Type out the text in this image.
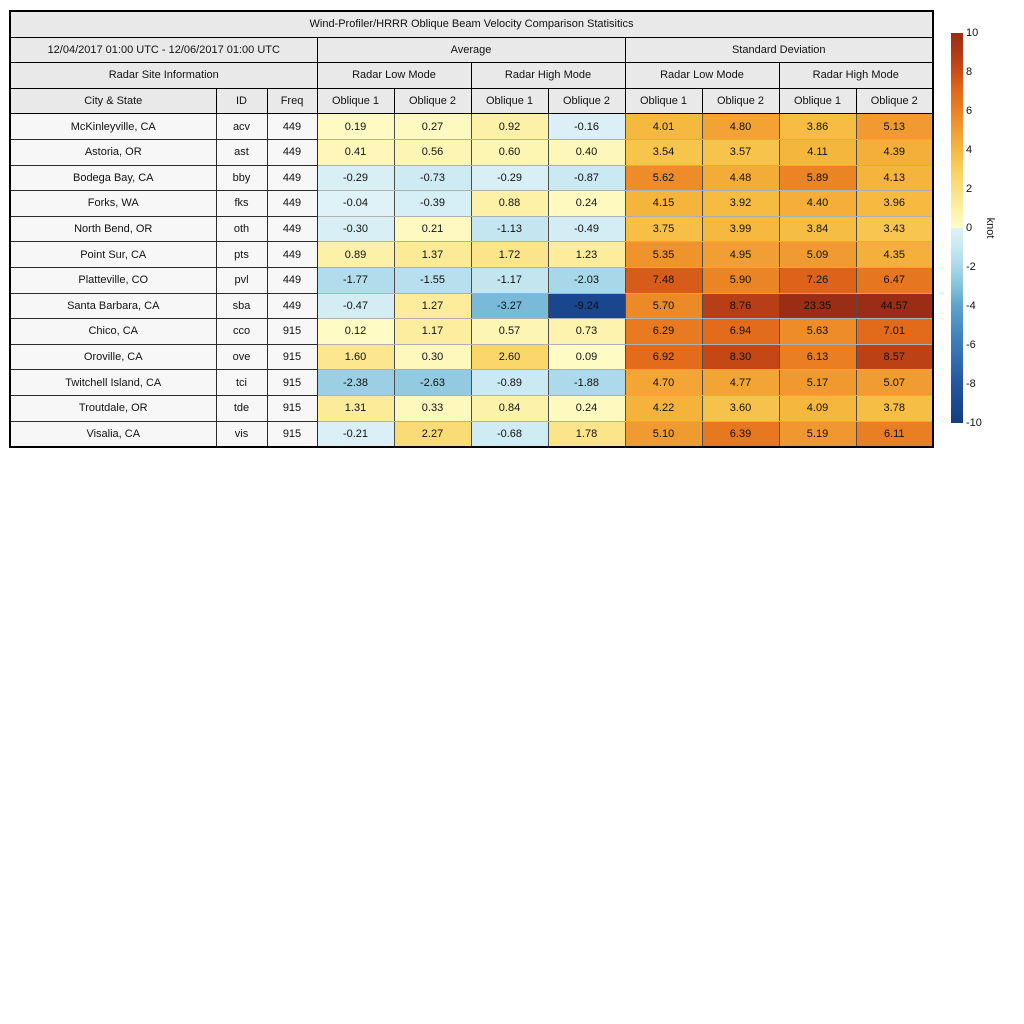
Wind-Profiler/HRRR Oblique Beam Velocity Comparison Statisitics										
12/04/2017 01:00 UTC - 12/06/2017 01:00 UTC			Average				Standard Deviation			
Radar Site Information			Radar Low Mode		Radar High Mode		Radar Low Mode		Radar High Mode	
City & State	ID	Freq	Oblique 1	Oblique 2	Oblique 1	Oblique 2	Oblique 1	Oblique 2	Oblique 1	Oblique 2
McKinleyville, CA	acv	449	0.19	0.27	0.92	-0.16	4.01	4.80	3.86	5.13
Astoria, OR	ast	449	0.41	0.56	0.60	0.40	3.54	3.57	4.11	4.39
Bodega Bay, CA	bby	449	-0.29	-0.73	-0.29	-0.87	5.62	4.48	5.89	4.13
Forks, WA	fks	449	-0.04	-0.39	0.88	0.24	4.15	3.92	4.40	3.96
North Bend, OR	oth	449	-0.30	0.21	-1.13	-0.49	3.75	3.99	3.84	3.43
Point Sur, CA	pts	449	0.89	1.37	1.72	1.23	5.35	4.95	5.09	4.35
Platteville, CO	pvl	449	-1.77	-1.55	-1.17	-2.03	7.48	5.90	7.26	6.47
Santa Barbara, CA	sba	449	-0.47	1.27	-3.27	-9.24	5.70	8.76	23.35	44.57
Chico, CA	cco	915	0.12	1.17	0.57	0.73	6.29	6.94	5.63	7.01
Oroville, CA	ove	915	1.60	0.30	2.60	0.09	6.92	8.30	6.13	8.57
Twitchell Island, CA	tci	915	-2.38	-2.63	-0.89	-1.88	4.70	4.77	5.17	5.07
Troutdale, OR	tde	915	1.31	0.33	0.84	0.24	4.22	3.60	4.09	3.78
Visalia, CA	vis	915	-0.21	2.27	-0.68	1.78	5.10	6.39	5.19	6.11
10
8
6
4
2
0
-2
-4
-6
-8
-10
knot
